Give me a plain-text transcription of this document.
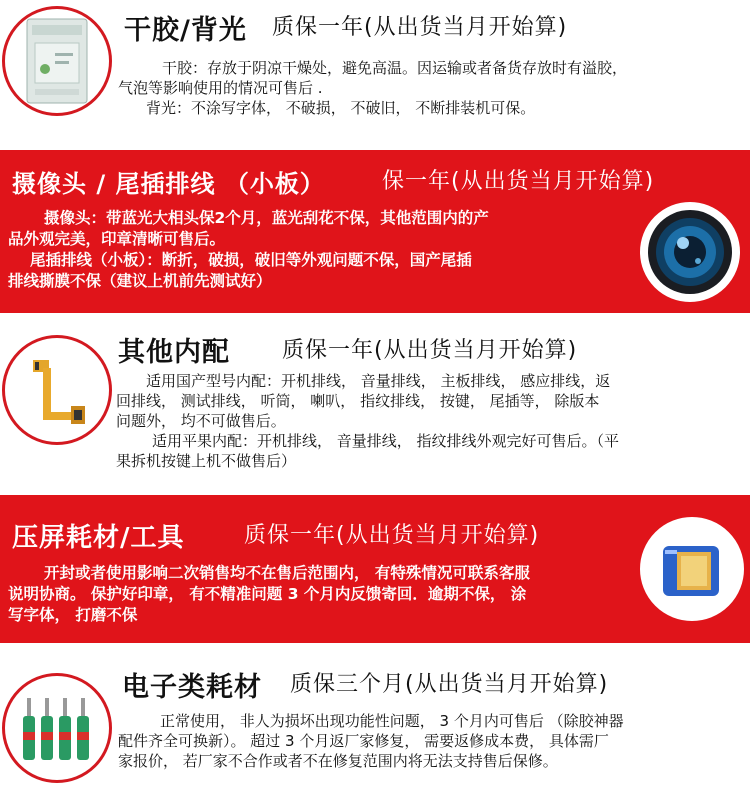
干胶/背光 质保一年(从出货当月开始算)

干胶：存放于阴凉干燥处，避免高温。因运输或者备货存放时有溢胶，

气泡等影响使用的情况可售后 .

背光：不涂写字体， 不破损， 不破旧， 不断排装机可保。

摄像头 / 尾插排线 （小板）	保一年(从出货当月开始算)

摄像头：带蓝光大相头保2个月，蓝光刮花不保，其他范围内的产

品外观完美，印章清晰可售后。

尾插排线（小板）：断折，破损，破旧等外观问题不保，国产尾插

排线撕膜不保（建议上机前先测试好）

其他内配 质保一年(从出货当月开始算)

适用国产型号内配：开机排线， 音量排线， 主板排线， 感应排线，返

回排线， 测试排线， 听筒， 喇叭， 指纹排线， 按键， 尾插等， 除版本

问题外， 均不可做售后。

适用平果内配：开机排线， 音量排线， 指纹排线外观完好可售后。（平

果拆机按键上机不做售后）

压屏耗材/工具	质保一年(从出货当月开始算)

开封或者使用影响二次销售均不在售后范围内， 有特殊情况可联系客服

说明协商。 保护好印章， 有不精准问题 3 个月内反馈寄回．逾期不保， 涂

写字体， 打磨不保

电子类耗材 质保三个月(从出货当月开始算)

正常使用， 非人为损坏出现功能性问题， 3 个月内可售后 （除胶神器

配件齐全可换新）。 超过 3 个月返厂家修复， 需要返修成本费， 具体需厂

家报价， 若厂家不合作或者不在修复范围内将无法支持售后保修。
